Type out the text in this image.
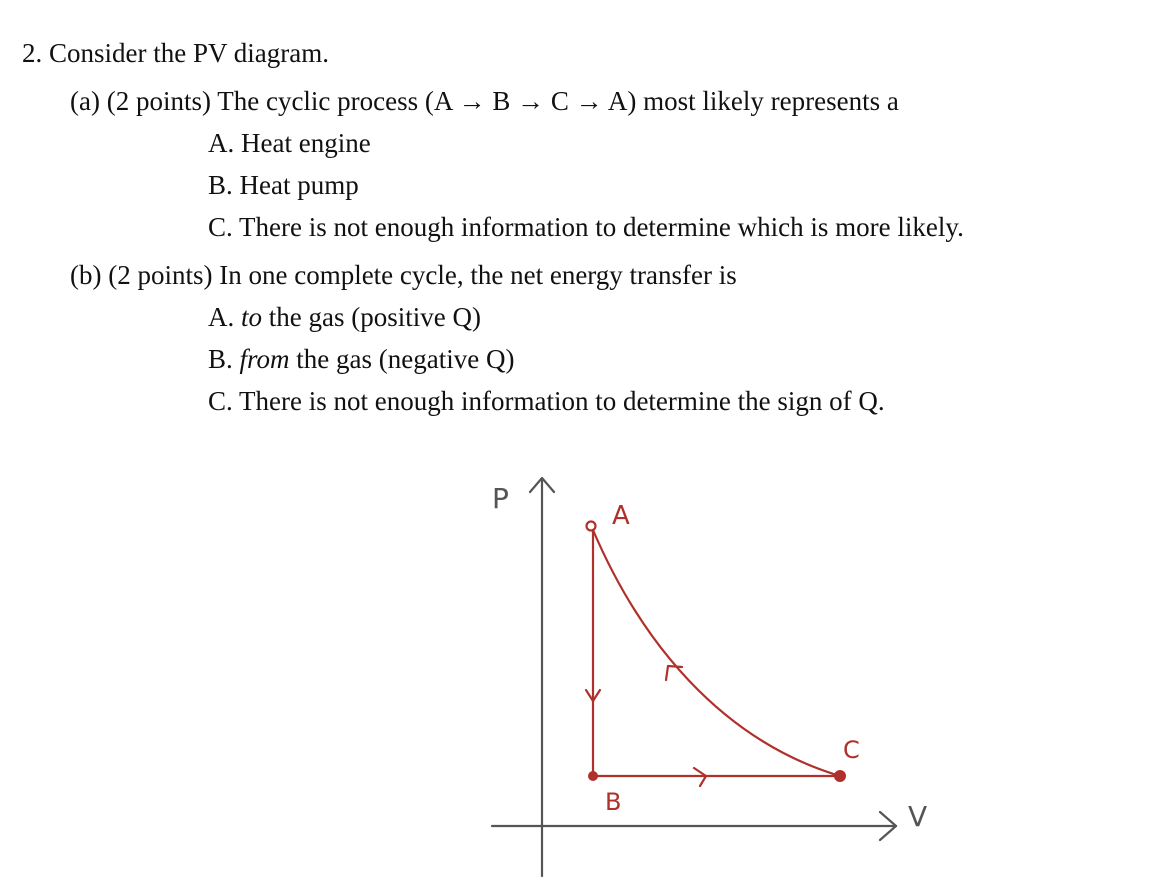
2. Consider the PV diagram.
(a) (2 points) The cyclic process (A → B → C → A) most likely represents a
A. Heat engine
B. Heat pump
C. There is not enough information to determine which is more likely.
(b) (2 points) In one complete cycle, the net energy transfer is
A. to the gas (positive Q)
B. from the gas (negative Q)
C. There is not enough information to determine the sign of Q.
P
V
A
B
C
